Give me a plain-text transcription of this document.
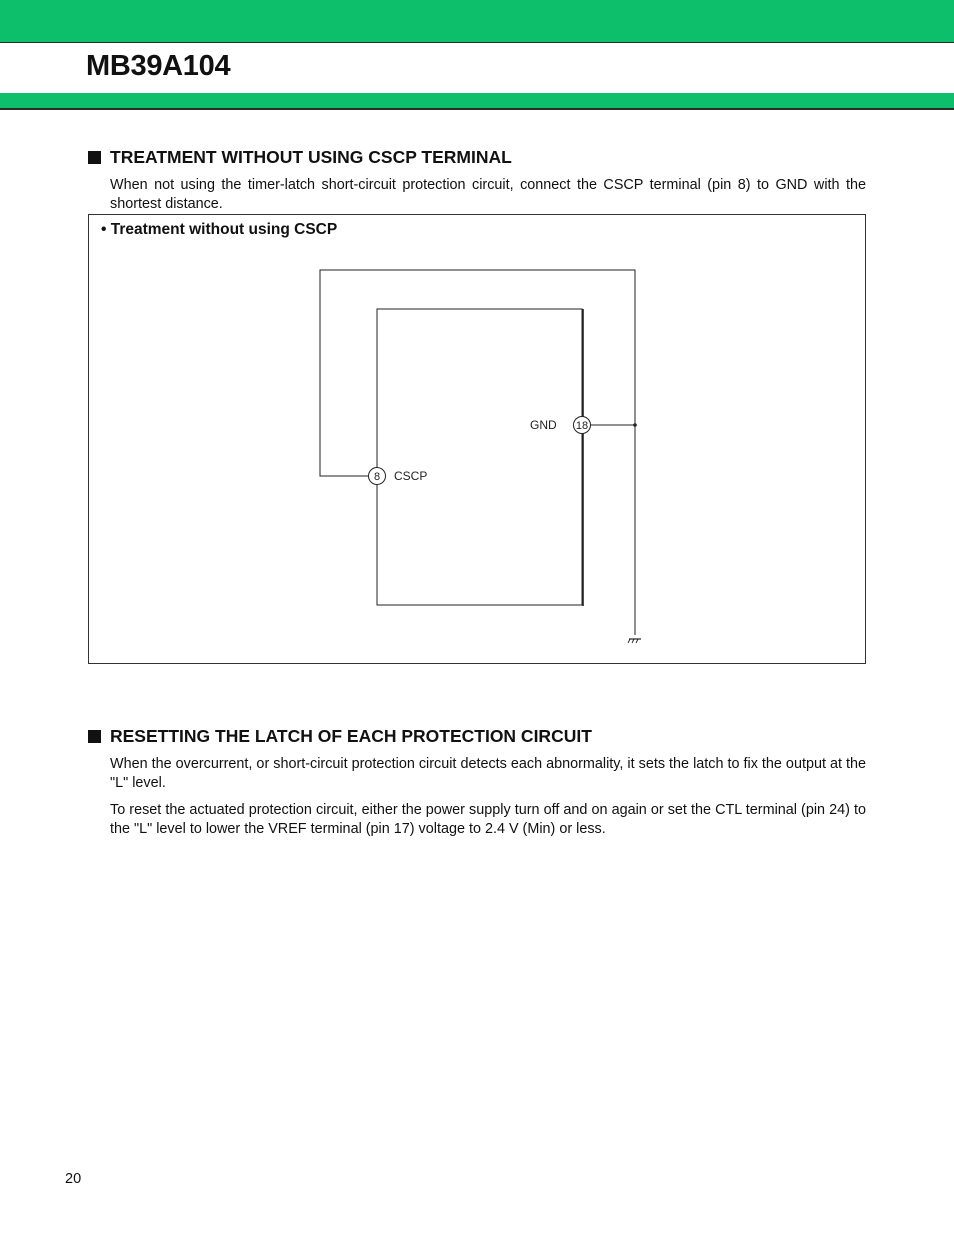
MB39A104
TREATMENT WITHOUT USING CSCP TERMINAL

When not using the timer-latch short-circuit protection circuit, connect the CSCP terminal (pin 8) to GND with the shortest distance.

• Treatment without using CSCP

18
GND
8 CSCP
RESETTING THE LATCH OF EACH PROTECTION CIRCUIT

When the overcurrent, or short-circuit protection circuit detects each abnormality, it sets the latch to fix the output at the "L" level.

To reset the actuated protection circuit, either the power supply turn off and on again or set the CTL terminal (pin 24) to the "L" level to lower the VREF terminal (pin 17) voltage to 2.4 V (Min) or less.

20
